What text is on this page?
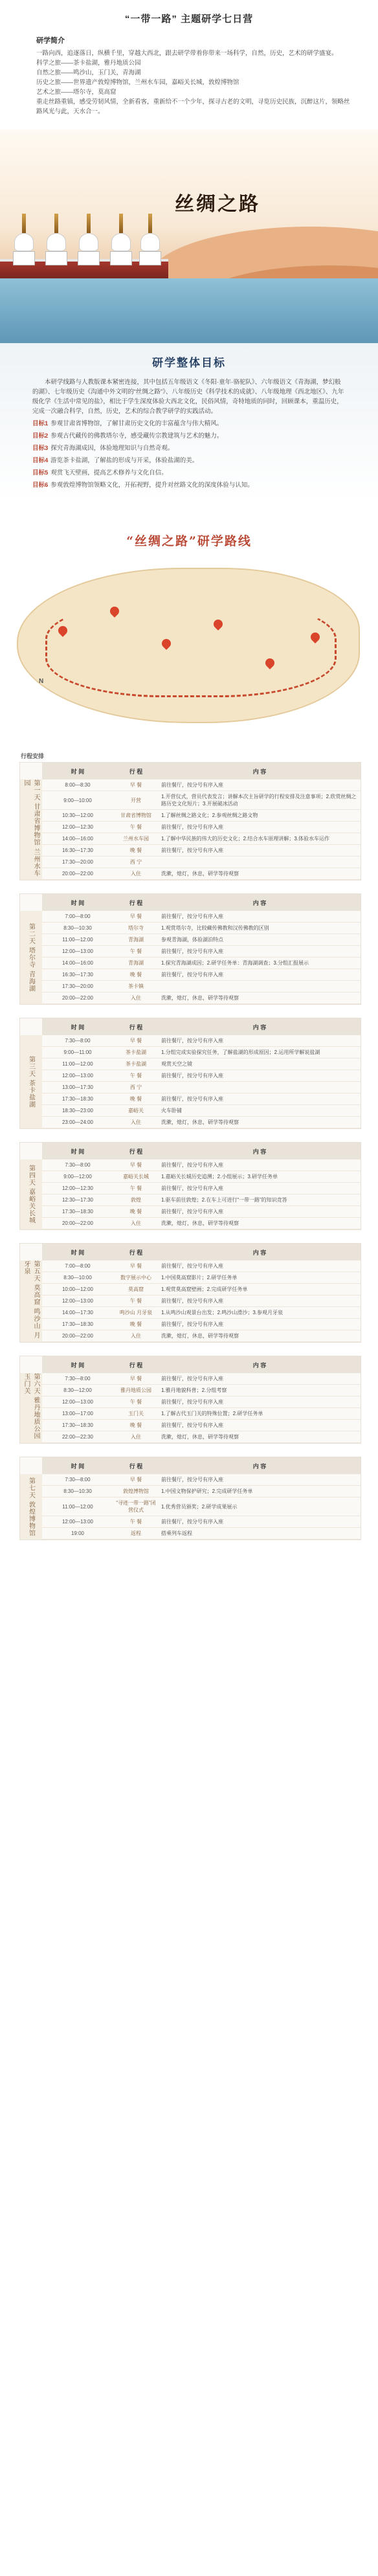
“一带一路” 主题研学七日营
研学简介

一路向西，追逐落日，纵横千里，穿越大西北，跟去研学带着你带来一场科学，自然，历史，艺术的研学盛宴。

科学之旅——茶卡盐湖，雅丹地质公园

自然之旅——鸣沙山，玉门关，青海湖

历史之旅——世界遗产敦煌博物馆，兰州水车园，嘉峪关长城，敦煌博物馆

艺术之旅——塔尔寺，莫高窟

重走丝路重镇，感受劳韧风情，全新看客，重新给不一个少年，探寻古老的文明，寻览历史民族，沉醉这片，领略丝路风光与此，天水合一。

丝绸之路
研学整体目标

本研学线路与人教版课本紧密连接，其中包括五年级语文《冬阳·童年·骆驼队》、六年级语文《青海湖，梦幻般的湖》、七年级历史《沟通中外文明的“丝绸之路”》、八年级历史《科学技术的成就》、八年级地理《西北地区》、九年级化学《生活中常见的盐》，相比于学生深度体验大西北文化，民俗风情，奇特地质的同时，回顾课本，重温历史，完成一次融合科学，自然，历史，艺术的综合教学研学的实践活动。

目标1 参观甘肃省博物馆，了解甘肃历史文化的丰富蕴含与伟大精风。
目标2 参观古代藏传的佛教塔尔寺，感受藏传宗教建筑与艺术的魅力。
目标3 探究青海湖成因，体验地理知识与自然奇观。
目标4 游览茶卡盐湖，了解盐的形成与开采，体验盐湖的美。
目标5 观赏飞天壁画，提高艺术修养与文化自信。
目标6 参观敦煌博物馆领略文化，开拓视野，提升对丝路文化的深度体验与认知。
“丝绸之路”研学路线
N
行程安排
第一天 甘肃省博物馆 兰州水车园
时 间	行 程	内 容
8:00—8:30	早 餐	前往餐厅，按分号有序入座
9:00—10:00	开营	1.开营仪式，营员代表发言；讲解本次主旨研学的行程安排及注意事项；2.欣赏丝绸之路历史文化短片；3.开展破冰活动
10:30—12:00	甘肃省博物馆	1.了解丝绸之路文化；2.参观丝绸之路文物
12:00—12:30	午 餐	前往餐厅，按分号有序入座
14:00—16:00	兰州水车园	1.了解中华民族的伟大的历史文化；2.结合水车原理讲解；3.体验水车运作
16:30—17:30	晚 餐	前往餐厅，按分号有序入座
17:30—20:00	西 宁	
20:00—22:00	入住	洗漱，熄灯，休息，研学等待观察
第二天 塔尔寺 青海湖
时 间	行 程	内 容
7:00—8:00	早 餐	前往餐厅，按分号有序入座
8:30—10:30	塔尔寺	1.观赏塔尔寺，比较藏传佛教和汉传佛教的区别
11:00—12:00	青海湖	参观青海湖，体验湖泊特点
12:00—13:00	午 餐	前往餐厅，按分号有序入座
14:00—16:00	青海湖	1.探究青海湖成因；2.研学任务单：青海湖调查；3.分组汇报展示
16:30—17:30	晚 餐	前往餐厅，按分号有序入座
17:30—20:00	茶卡镇	
20:00—22:00	入住	洗漱，熄灯，休息，研学等待观察
第三天 茶卡盐湖
时 间	行 程	内 容
7:30—8:00	早 餐	前往餐厅，按分号有序入座
9:00—11:00	茶卡盐湖	1.分组完成实验探究任务，了解盐湖的形成原因；2.运用所学解说盐湖
11:00—12:00	茶卡盐湖	观赏天空之镜
12:00—13:00	午 餐	前往餐厅，按分号有序入座
13:00—17:30	西 宁	
17:30—18:30	晚 餐	前往餐厅，按分号有序入座
18:30—23:00	嘉峪关	火车卧铺
23:00—24:00	入住	洗漱，熄灯，休息，研学等待观察
第四天 嘉峪关长城
时 间	行 程	内 容
7:30—8:00	早 餐	前往餐厅，按分号有序入座
9:00—12:00	嘉峪关长城	1.嘉峪关长城历史追溯；2.小组展示；3.研学任务单
12:00—12:30	午 餐	前往餐厅，按分号有序入座
12:30—17:30	敦煌	1.驱车前往敦煌；2.在车上可进行“一带一路”的知识竞答
17:30—18:30	晚 餐	前往餐厅，按分号有序入座
20:00—22:00	入住	洗漱，熄灯，休息，研学等待观察
第五天 莫高窟 鸣沙山 月牙泉
时 间	行 程	内 容
7:00—8:00	早 餐	前往餐厅，按分号有序入座
8:30—10:00	数字展示中心	1.中国莫高窟影片；2.研学任务单
10:00—12:00	莫高窟	1.观赏莫高窟壁画；2.完成研学任务单
12:00—13:00	午 餐	前往餐厅，按分号有序入座
14:00—17:30	鸣沙山 月牙泉	1.从鸣沙山观景台出发；2.鸣沙山滑沙；3.参观月牙泉
17:30—18:30	晚 餐	前往餐厅，按分号有序入座
20:00—22:00	入住	洗漱，熄灯，休息，研学等待观察
第六天 雅丹地质公园 玉门关
时 间	行 程	内 容
7:30—8:00	早 餐	前往餐厅，按分号有序入座
8:30—12:00	雅丹地质公园	1.雅丹地貌科普；2.分组考察
12:00—13:00	午 餐	前往餐厅，按分号有序入座
13:00—17:00	玉门关	1.了解古代玉门关的特殊位置；2.研学任务单
17:30—18:30	晚 餐	前往餐厅，按分号有序入座
22:00—22:30	入住	洗漱，熄灯，休息，研学等待观察
第七天 敦煌博物馆
时 间	行 程	内 容
7:30—8:00	早 餐	前往餐厅，按分号有序入座
8:30—10:30	敦煌博物馆	1.中国文物保护研究；2.完成研学任务单
11:00—12:00	“寻迹一带一路”闭营仪式	1.优秀营员颁奖；2.研学成果展示
12:00—13:00	午 餐	前往餐厅，按分号有序入座
19:00	返程	搭乘列车返程
